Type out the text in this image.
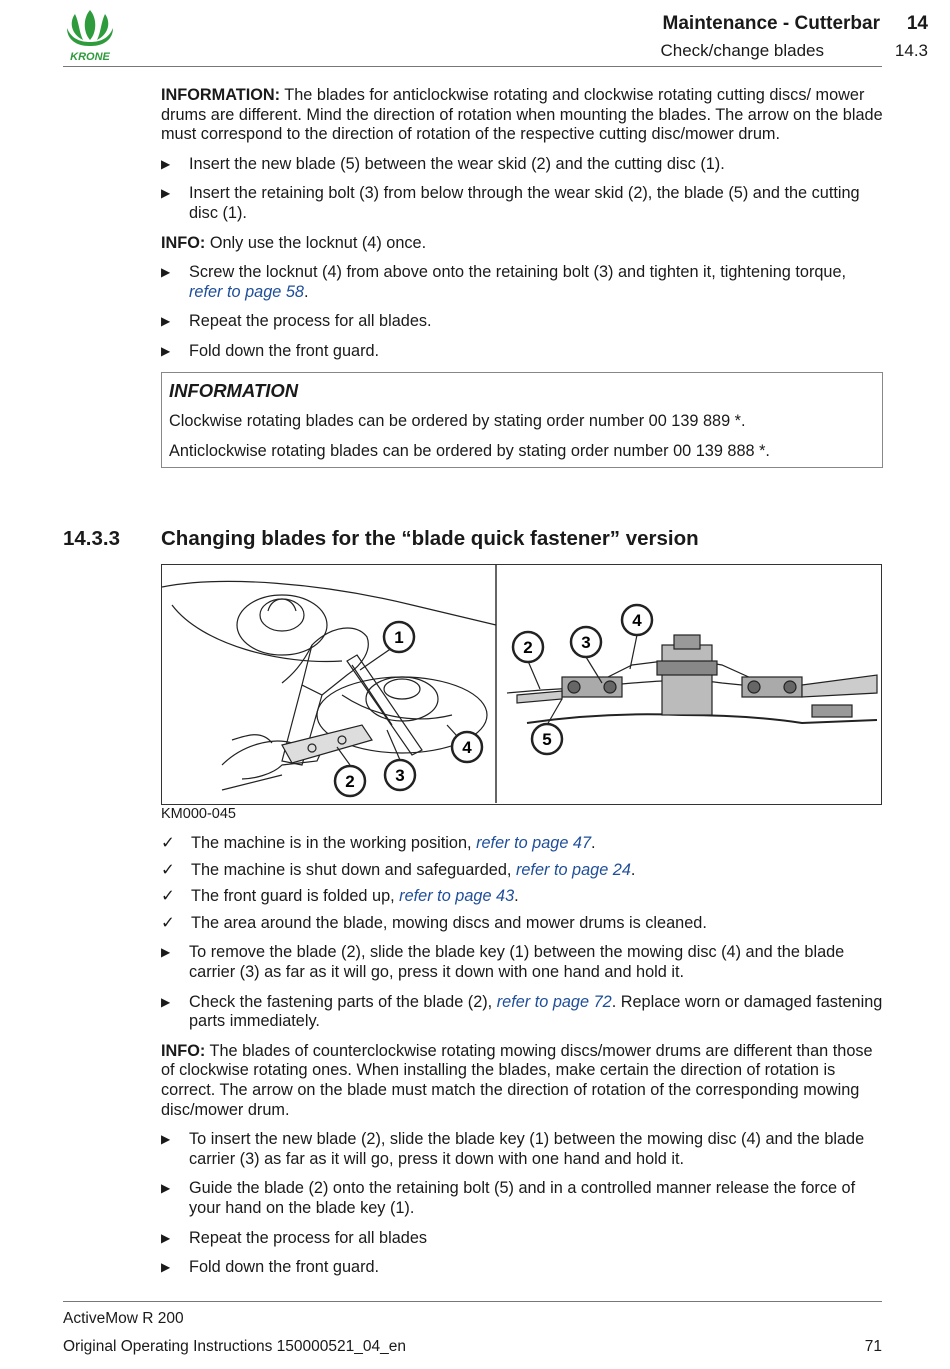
KRONE
Maintenance - Cutterbar 14
Check/change blades	14.3

INFORMATION: The blades for anticlockwise rotating and clockwise rotating cutting discs/ mower drums are different. Mind the direction of rotation when mounting the blades. The arrow on the blade must correspond to the direction of rotation of the respective cutting disc/mower drum.

▶ Insert the new blade (5) between the wear skid (2) and the cutting disc (1).
▶ Insert the retaining bolt (3) from below through the wear skid (2), the blade (5) and the cutting disc (1).

INFO: Only use the locknut (4) once.

▶ Screw the locknut (4) from above onto the retaining bolt (3) and tighten it, tightening torque, refer to page 58.
▶ Repeat the process for all blades.
▶ Fold down the front guard.
INFORMATION
Clockwise rotating blades can be ordered by stating order number 00 139 889 *.
Anticlockwise rotating blades can be ordered by stating order number 00 139 888 *.
14.3.3 Changing blades for the “blade quick fastener” version
1
2 3
4
2	3
4
5
KM000-045
✓ The machine is in the working position, refer to page 47.
✓ The machine is shut down and safeguarded, refer to page 24.
✓ The front guard is folded up, refer to page 43.
✓ The area around the blade, mowing discs and mower drums is cleaned.
▶ To remove the blade (2), slide the blade key (1) between the mowing disc (4) and the blade carrier (3) as far as it will go, press it down with one hand and hold it.
▶ Check the fastening parts of the blade (2), refer to page 72. Replace worn or damaged fastening parts immediately.

INFO: The blades of counterclockwise rotating mowing discs/mower drums are different than those of clockwise rotating ones. When installing the blades, make certain the direction of rotation is correct. The arrow on the blade must match the direction of rotation of the corresponding mowing disc/mower drum.

▶ To insert the new blade (2), slide the blade key (1) between the mowing disc (4) and the blade carrier (3) as far as it will go, press it down with one hand and hold it.
▶ Guide the blade (2) onto the retaining bolt (5) and in a controlled manner release the force of your hand on the blade key (1).
▶ Repeat the process for all blades
▶ Fold down the front guard.
ActiveMow R 200
Original Operating Instructions 150000521_04_en	71
